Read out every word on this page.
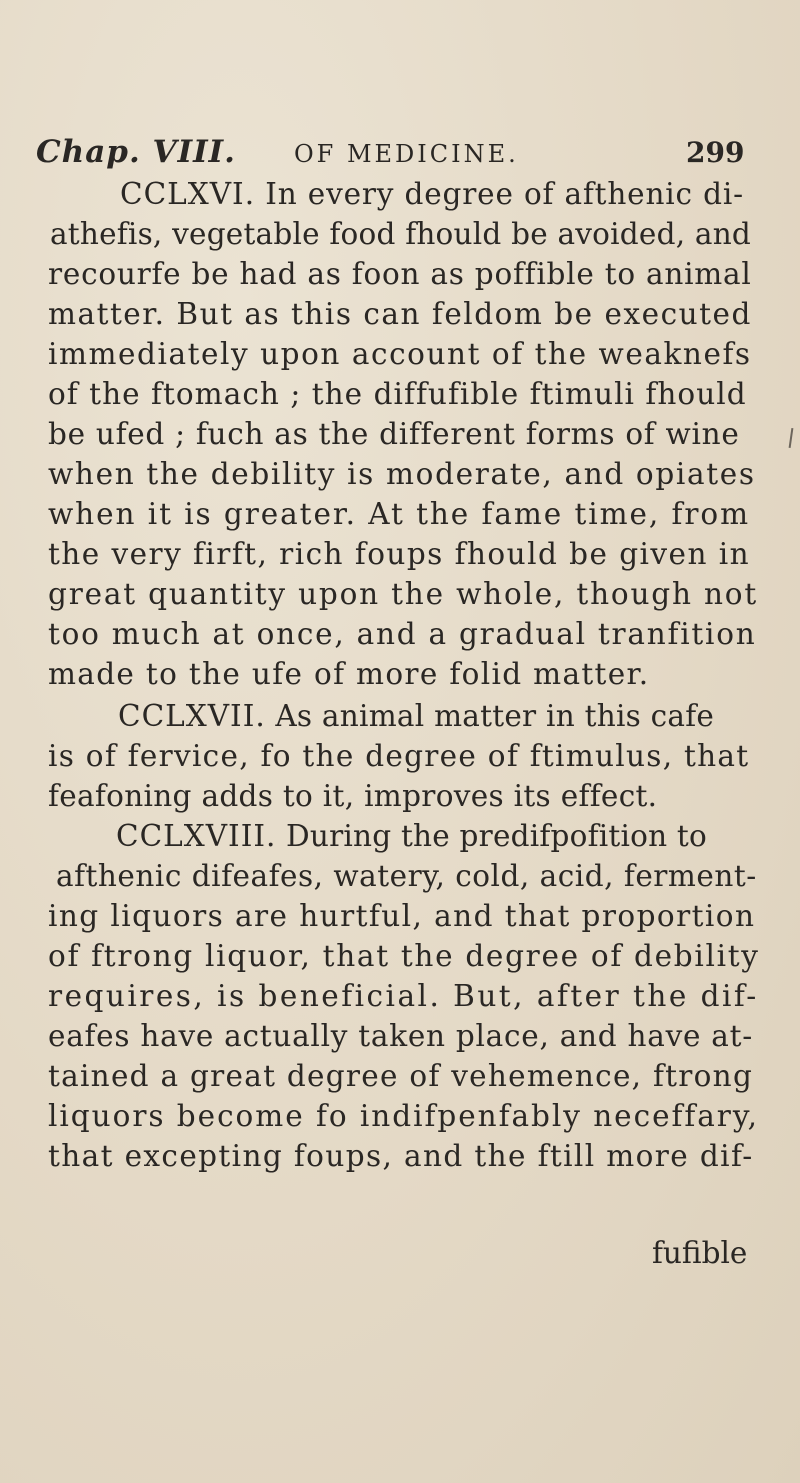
Chap. VIII. OF MEDICINE.	299
CCLXVI. In every degree of afthenic di-
athefis, vegetable food fhould be avoided, and
recourfe be had as foon as poffible to animal
matter. But as this can feldom be executed
immediately upon account of the weaknefs
of the ftomach ; the diffufible ftimuli fhould
be ufed ; fuch as the different forms of wine
when the debility is moderate, and opiates
when it is greater. At the fame time, from
the very firft, rich foups fhould be given in
great quantity upon the whole, though not
too much at once, and a gradual tranfition
made to the ufe of more folid matter.
CCLXVII. As animal matter in this cafe
is of fervice, fo the degree of ftimulus, that
feafoning adds to it, improves its effect.
CCLXVIII. During the predifpofition to
afthenic difeafes, watery, cold, acid, ferment-
ing liquors are hurtful, and that proportion
of ftrong liquor, that the degree of debility
requires, is beneficial. But, after the dif-
eafes have actually taken place, and have at-
tained a great degree of vehemence, ftrong
liquors become fo indifpenfably neceffary,
that excepting foups, and the ftill more dif-
fufible
